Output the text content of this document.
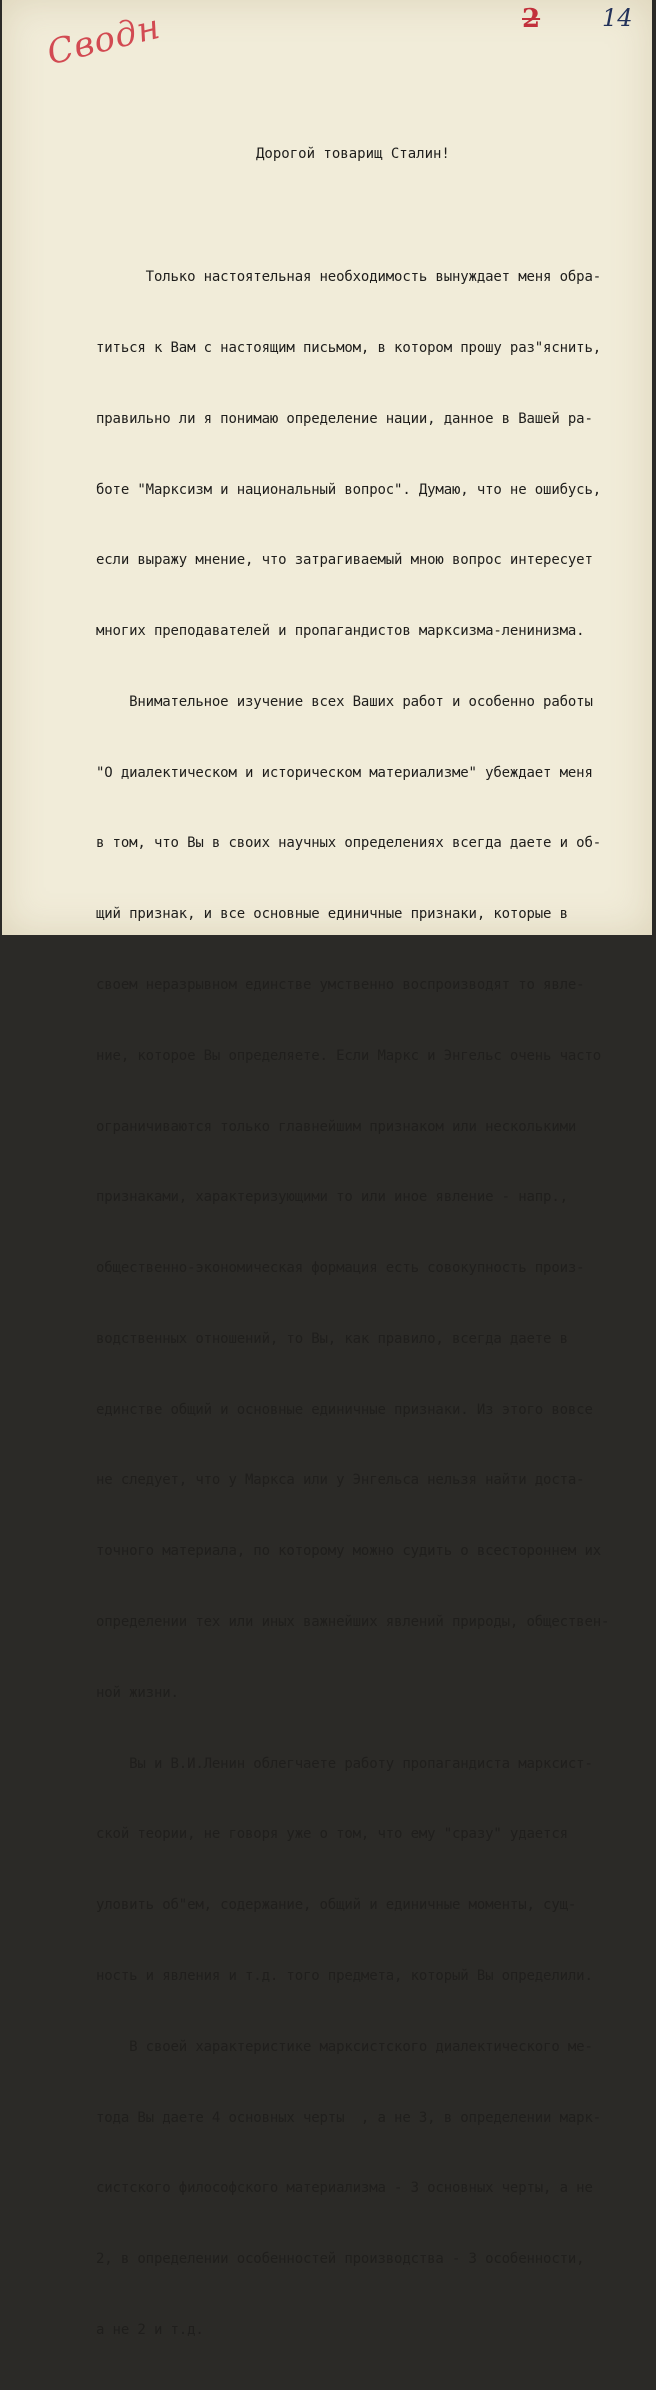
Сводн	2	14
Дорогой товарищ Сталин!

Только настоятельная необходимость вынуждает меня обра-

титься к Вам с настоящим письмом, в котором прошу раз"яснить,

правильно ли я понимаю определение нации, данное в Вашей ра-

боте "Марксизм и национальный вопрос". Думаю, что не ошибусь,

если выражу мнение, что затрагиваемый мною вопрос интересует

многих преподавателей и пропагандистов марксизма-ленинизма.

Внимательное изучение всех Ваших работ и особенно работы

"О диалектическом и историческом материализме" убеждает меня

в том, что Вы в своих научных определениях всегда даете и об-

щий признак, и все основные единичные признаки, которые в

своем неразрывном единстве умственно воспроизводят то явле-

ние, которое Вы определяете. Если Маркс и Энгельс очень часто

ограничиваются только главнейшим признаком или несколькими

признаками, характеризующими то или иное явление - напр.,

общественно-экономическая формация есть совокупность произ-

водственных отношений, то Вы, как правило, всегда даете в

единстве общий и основные единичные признаки. Из этого вовсе

не следует, что у Маркса или у Энгельса нельзя найти доста-

точного материала, по которому можно судить о всестороннем их

определении тех или иных важнейших явлений природы, обществен-

ной жизни.

Вы и В.И.Ленин облегчаете работу пропагандиста марксист-

ской теории, не говоря уже о том, что ему "сразу" удается

уловить об"ем, содержание, общий и единичные моменты, сущ-

ность и явления и т.д. того предмета, который Вы определили.

В своей характеристике марксистского диалектического ме-

тода Вы даете 4 основных черты  , а не 3, в определении марк-

систского философского материализма - 3 основных черты, а не

2, в определении особенностей производства - 3 особенности,

а не 2 и т.д.
